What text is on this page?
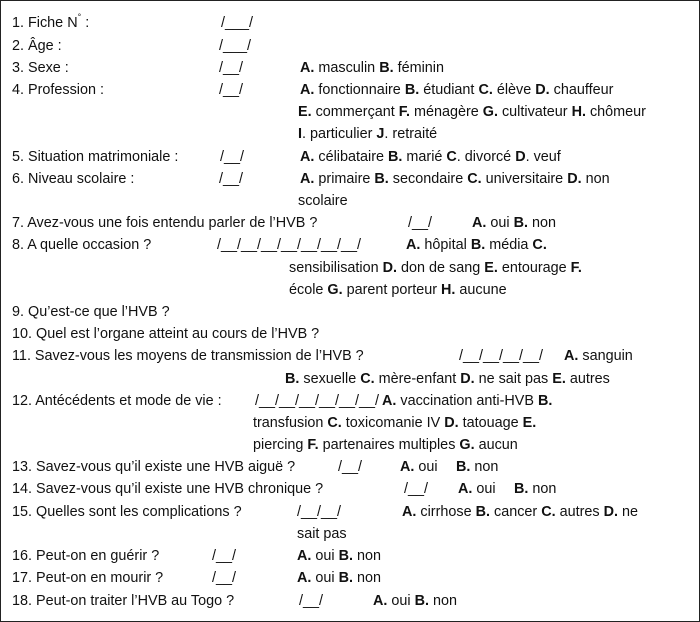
1. Fiche N° :	/___/
2. Âge :	/___/
3. Sexe :	/__/	A. masculin B. féminin
4. Profession :	/__/	A. fonctionnaire B. étudiant C. élève D. chauffeur
E. commerçant F. ménagère G. cultivateur H. chômeur
I. particulier J. retraité
5. Situation matrimoniale :	/__/	A. célibataire B. marié C. divorcé D. veuf
6. Niveau scolaire :	/__/	A. primaire B. secondaire C. universitaire D. non
scolaire
7. Avez-vous une fois entendu parler de l’HVB ?	/__/	A. oui B. non
8. A quelle occasion ?	/__/__/__/__/__/__/__/	A. hôpital B. média C.
sensibilisation D. don de sang E. entourage F.
école G. parent porteur H. aucune
9. Qu’est-ce que l’HVB ?
10. Quel est l’organe atteint au cours de l’HVB ?
11. Savez-vous les moyens de transmission de l’HVB ?	/__/__/__/__/ A. sanguin
B. sexuelle C. mère-enfant D. ne sait pas E. autres
12. Antécédents et mode de vie : /__/__/__/__/__/__/ A. vaccination anti-HVB B.
transfusion C. toxicomanie IV D. tatouage E.
piercing F. partenaires multiples G. aucun
13. Savez-vous qu’il existe une HVB aiguë ?	/__/	A. oui B. non
14. Savez-vous qu’il existe une HVB chronique ?	/__/ A. oui B. non
15. Quelles sont les complications ?	/__/__/	A. cirrhose B. cancer C. autres D. ne
sait pas
16. Peut-on en guérir ?	/__/	A. oui B. non
17. Peut-on en mourir ?	/__/	A. oui B. non
18. Peut-on traiter l’HVB au Togo ?	/__/	A. oui B. non
